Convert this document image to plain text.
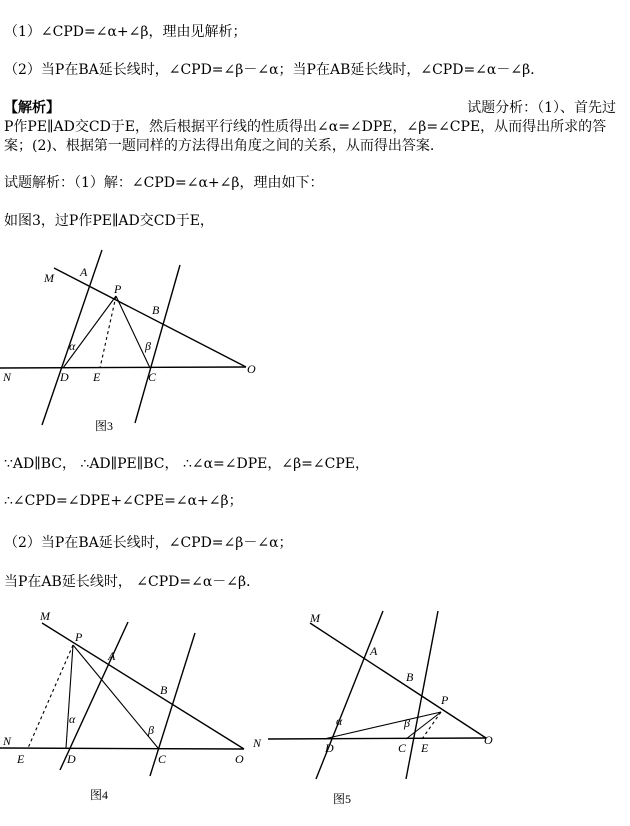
（1）∠CPD=∠α+∠β，理由见解析；
（2）当P在BA延长线时，∠CPD=∠β－∠α；当P在AB延长线时，∠CPD=∠α－∠β．
【解析】	试题分析：（1）、首先过
P作PE∥AD交CD于E，然后根据平行线的性质得出∠α=∠DPE，∠β=∠CPE，从而得出所求的答案；(2)、根据第一题同样的方法得出角度之间的关系，从而得出答案.
试题解析：（1）解：∠CPD=∠α+∠β，理由如下：
如图3，过P作PE∥AD交CD于E，
M A
P
B
α	β
N	D E	C
O
图3
∵AD∥BC， ∴AD∥PE∥BC， ∴∠α=∠DPE，∠β=∠CPE，
∴∠CPD=∠DPE+∠CPE=∠α+∠β；
（2）当P在BA延长线时，∠CPD=∠β－∠α；
当P在AB延长线时， ∠CPD=∠α－∠β．
M
P
A
B
α
β
N
E	D	C	O
图4
M
A
B
P
α	β
N	D	C E
O
图5
